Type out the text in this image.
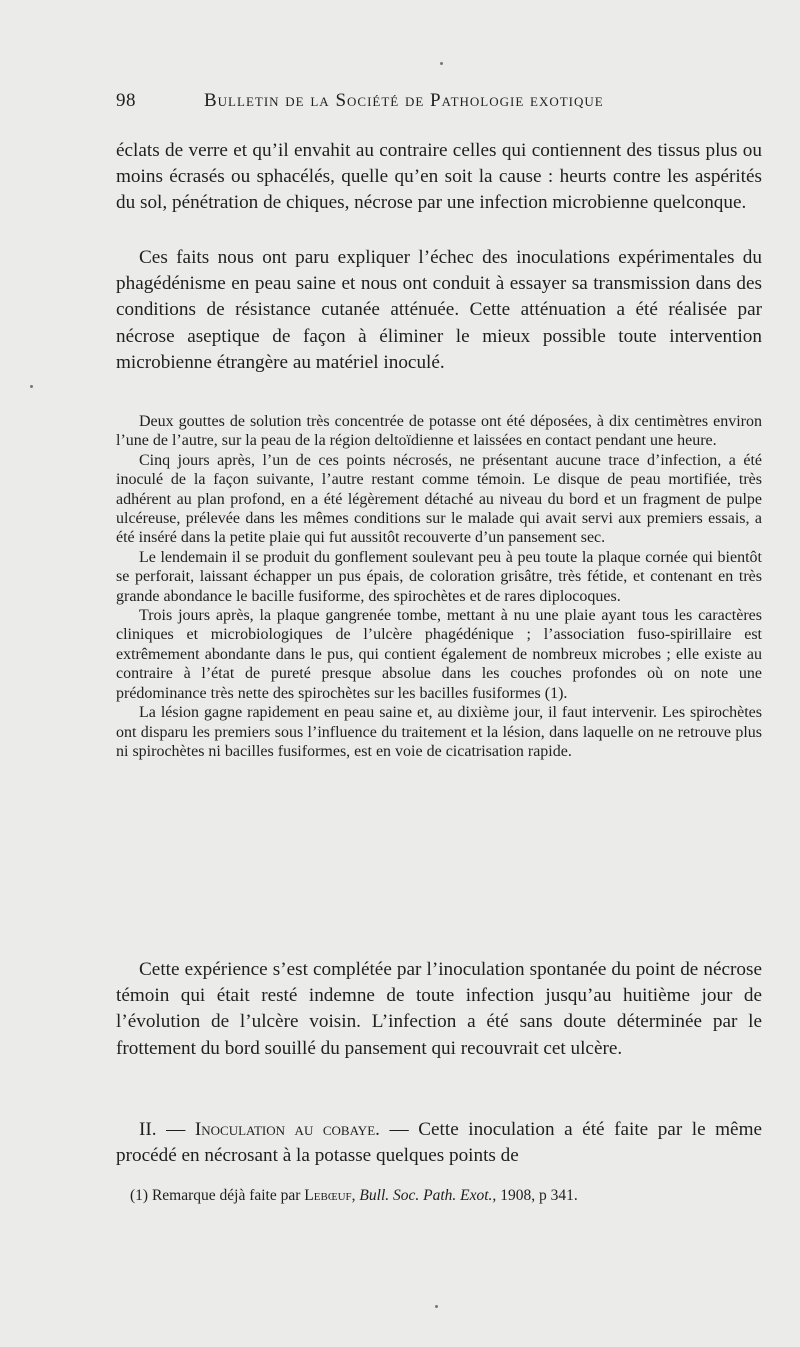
98	Bulletin de la Société de Pathologie exotique

éclats de verre et qu’il envahit au contraire celles qui contiennent des tissus plus ou moins écrasés ou sphacélés, quelle qu’en soit la cause : heurts contre les aspérités du sol, pénétration de chiques, nécrose par une infection microbienne quelconque.

Ces faits nous ont paru expliquer l’échec des inoculations expérimentales du phagédénisme en peau saine et nous ont conduit à essayer sa transmission dans des conditions de résistance cutanée atténuée. Cette atténuation a été réalisée par nécrose aseptique de façon à éliminer le mieux possible toute intervention microbienne étrangère au matériel inoculé.

Deux gouttes de solution très concentrée de potasse ont été déposées, à dix centimètres environ l’une de l’autre, sur la peau de la région deltoïdienne et laissées en contact pendant une heure.

Cinq jours après, l’un de ces points nécrosés, ne présentant aucune trace d’infection, a été inoculé de la façon suivante, l’autre restant comme témoin. Le disque de peau mortifiée, très adhérent au plan profond, en a été légèrement détaché au niveau du bord et un fragment de pulpe ulcéreuse, prélevée dans les mêmes conditions sur le malade qui avait servi aux premiers essais, a été inséré dans la petite plaie qui fut aussitôt recouverte d’un pansement sec.

Le lendemain il se produit du gonflement soulevant peu à peu toute la plaque cornée qui bientôt se perforait, laissant échapper un pus épais, de coloration grisâtre, très fétide, et contenant en très grande abondance le bacille fusiforme, des spirochètes et de rares diplocoques.

Trois jours après, la plaque gangrenée tombe, mettant à nu une plaie ayant tous les caractères cliniques et microbiologiques de l’ulcère phagédénique ; l’association fuso-spirillaire est extrêmement abondante dans le pus, qui contient également de nombreux microbes ; elle existe au contraire à l’état de pureté presque absolue dans les couches profondes où on note une prédominance très nette des spirochètes sur les bacilles fusiformes (1).

La lésion gagne rapidement en peau saine et, au dixième jour, il faut intervenir. Les spirochètes ont disparu les premiers sous l’influence du traitement et la lésion, dans laquelle on ne retrouve plus ni spirochètes ni bacilles fusiformes, est en voie de cicatrisation rapide.

Cette expérience s’est complétée par l’inoculation spontanée du point de nécrose témoin qui était resté indemne de toute infection jusqu’au huitième jour de l’évolution de l’ulcère voisin. L’infection a été sans doute déterminée par le frottement du bord souillé du pansement qui recouvrait cet ulcère.

II. — Inoculation au cobaye. — Cette inoculation a été faite par le même procédé en nécrosant à la potasse quelques points de

(1) Remarque déjà faite par Lebœuf, Bull. Soc. Path. Exot., 1908, p 341.
